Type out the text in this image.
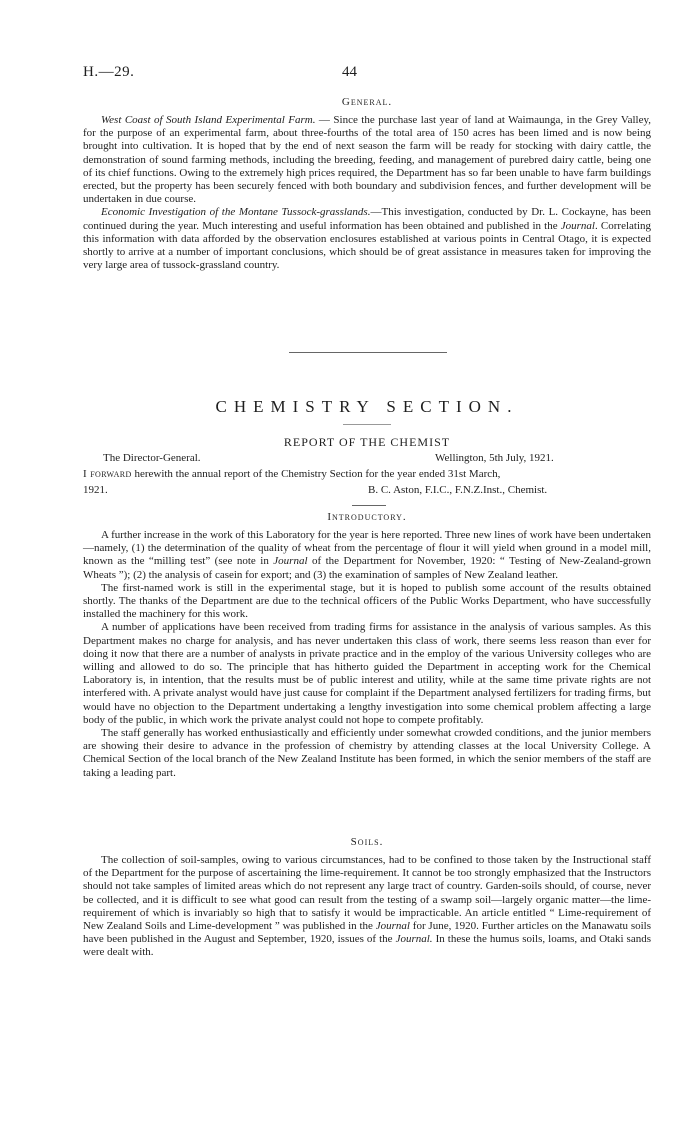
H.—29.	44
General.

West Coast of South Island Experimental Farm. — Since the purchase last year of land at Waimaunga, in the Grey Valley, for the purpose of an experimental farm, about three-fourths of the total area of 150 acres has been limed and is now being brought into cultivation. It is hoped that by the end of next season the farm will be ready for stocking with dairy cattle, the demonstration of sound farming methods, including the breeding, feeding, and management of purebred dairy cattle, being one of its chief functions. Owing to the extremely high prices required, the Department has so far been unable to have farm buildings erected, but the property has been securely fenced with both boundary and subdivision fences, and further development will be undertaken in due course.

Economic Investigation of the Montane Tussock-grasslands.—This investigation, conducted by Dr. L. Cockayne, has been continued during the year. Much interesting and useful information has been obtained and published in the Journal. Correlating this information with data afforded by the observation enclosures established at various points in Central Otago, it is expected shortly to arrive at a number of important conclusions, which should be of great assistance in measures taken for improving the very large area of tussock-grassland country.

CHEMISTRY SECTION.
REPORT OF THE CHEMIST
The Director-General.	Wellington, 5th July, 1921.
I forward herewith the annual report of the Chemistry Section for the year ended 31st March,
1921.	B. C. Aston, F.I.C., F.N.Z.Inst., Chemist.
Introductory.

A further increase in the work of this Laboratory for the year is here reported. Three new lines of work have been undertaken—namely, (1) the determination of the quality of wheat from the percentage of flour it will yield when ground in a model mill, known as the “milling test” (see note in Journal of the Department for November, 1920: “ Testing of New-Zealand-grown Wheats ”); (2) the analysis of casein for export; and (3) the examination of samples of New Zealand leather.

The first-named work is still in the experimental stage, but it is hoped to publish some account of the results obtained shortly. The thanks of the Department are due to the technical officers of the Public Works Department, who have successfully installed the machinery for this work.

A number of applications have been received from trading firms for assistance in the analysis of various samples. As this Department makes no charge for analysis, and has never undertaken this class of work, there seems less reason than ever for doing it now that there are a number of analysts in private practice and in the employ of the various University colleges who are willing and allowed to do so. The principle that has hitherto guided the Department in accepting work for the Chemical Laboratory is, in intention, that the results must be of public interest and utility, while at the same time private rights are not interfered with. A private analyst would have just cause for complaint if the Department analysed fertilizers for trading firms, but would have no objection to the Department undertaking a lengthy investigation into some chemical problem affecting a large body of the public, in which work the private analyst could not hope to compete profitably.

The staff generally has worked enthusiastically and efficiently under somewhat crowded conditions, and the junior members are showing their desire to advance in the profession of chemistry by attending classes at the local University College. A Chemical Section of the local branch of the New Zealand Institute has been formed, in which the senior members of the staff are taking a leading part.

Soils.

The collection of soil-samples, owing to various circumstances, had to be confined to those taken by the Instructional staff of the Department for the purpose of ascertaining the lime-requirement. It cannot be too strongly emphasized that the Instructors should not take samples of limited areas which do not represent any large tract of country. Garden-soils should, of course, never be collected, and it is difficult to see what good can result from the testing of a swamp soil—largely organic matter—the lime-requirement of which is invariably so high that to satisfy it would be impracticable. An article entitled “ Lime-requirement of New Zealand Soils and Lime-development ” was published in the Journal for June, 1920. Further articles on the Manawatu soils have been published in the August and September, 1920, issues of the Journal. In these the humus soils, loams, and Otaki sands were dealt with.
